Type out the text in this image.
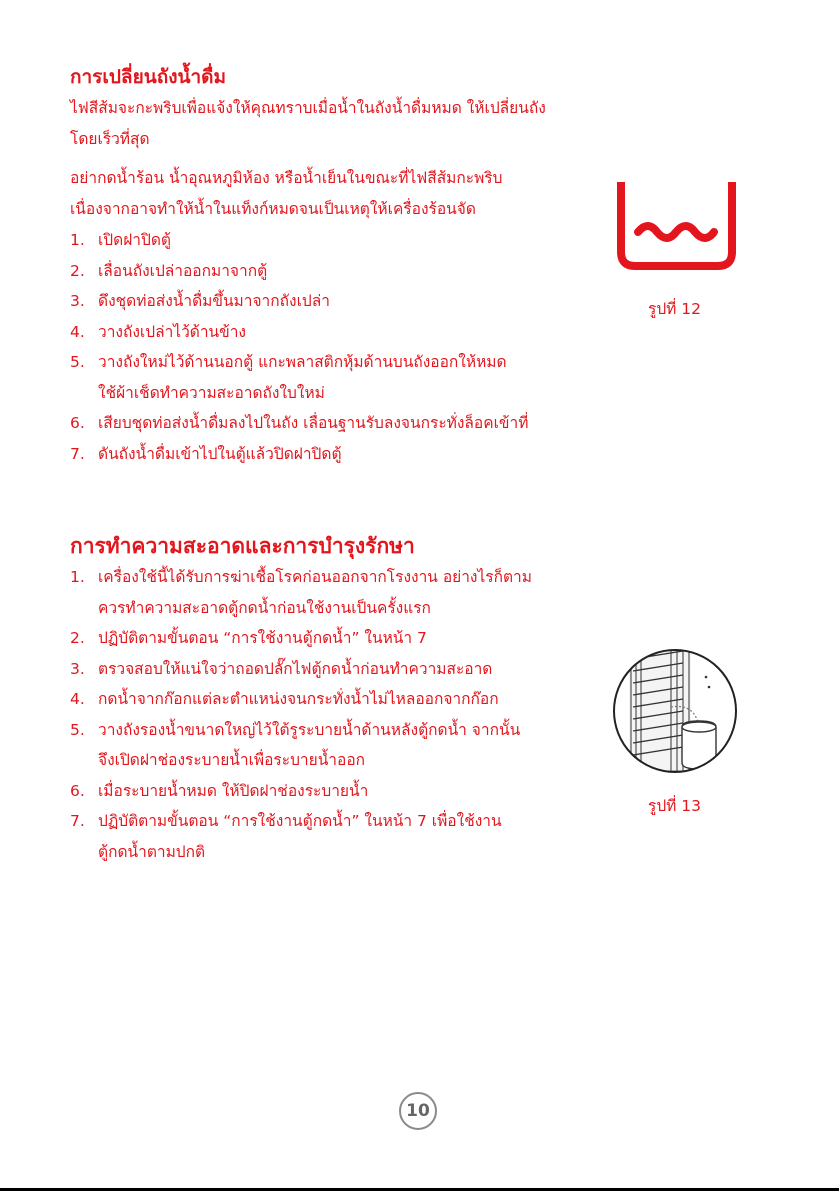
การเปลี่ยนถังน้ำดื่ม

ไฟสีส้มจะกะพริบเพื่อแจ้งให้คุณทราบเมื่อน้ำในถังน้ำดื่มหมด ให้เปลี่ยนถัง
โดยเร็วที่สุด

อย่ากดน้ำร้อน น้ำอุณหภูมิห้อง หรือน้ำเย็นในขณะที่ไฟสีส้มกะพริบ
เนื่องจากอาจทำให้น้ำในแท็งก์หมดจนเป็นเหตุให้เครื่องร้อนจัด

1. เปิดฝาปิดตู้
2. เลื่อนถังเปล่าออกมาจากตู้
3. ดึงชุดท่อส่งน้ำดื่มขึ้นมาจากถังเปล่า
4. วางถังเปล่าไว้ด้านข้าง
5. วางถังใหม่ไว้ด้านนอกตู้ แกะพลาสติกหุ้มด้านบนถังออกให้หมด
ใช้ผ้าเช็ดทำความสะอาดถังใบใหม่
6. เสียบชุดท่อส่งน้ำดื่มลงไปในถัง เลื่อนฐานรับลงจนกระทั่งล็อคเข้าที่
7. ดันถังน้ำดื่มเข้าไปในตู้แล้วปิดฝาปิดตู้
รูปที่ 12
การทำความสะอาดและการบำรุงรักษา
1. เครื่องใช้นี้ได้รับการฆ่าเชื้อโรคก่อนออกจากโรงงาน อย่างไรก็ตาม
ควรทำความสะอาดตู้กดน้ำก่อนใช้งานเป็นครั้งแรก
2. ปฏิบัติตามขั้นตอน “การใช้งานตู้กดน้ำ” ในหน้า 7
3. ตรวจสอบให้แน่ใจว่าถอดปลั๊กไฟตู้กดน้ำก่อนทำความสะอาด
4. กดน้ำจากก๊อกแต่ละตำแหน่งจนกระทั่งน้ำไม่ไหลออกจากก๊อก
5. วางถังรองน้ำขนาดใหญ่ไว้ใต้รูระบายน้ำด้านหลังตู้กดน้ำ จากนั้น
จึงเปิดฝาช่องระบายน้ำเพื่อระบายน้ำออก
6. เมื่อระบายน้ำหมด ให้ปิดฝาช่องระบายน้ำ
7. ปฏิบัติตามขั้นตอน “การใช้งานตู้กดน้ำ” ในหน้า 7 เพื่อใช้งาน
ตู้กดน้ำตามปกติ
รูปที่ 13
10
